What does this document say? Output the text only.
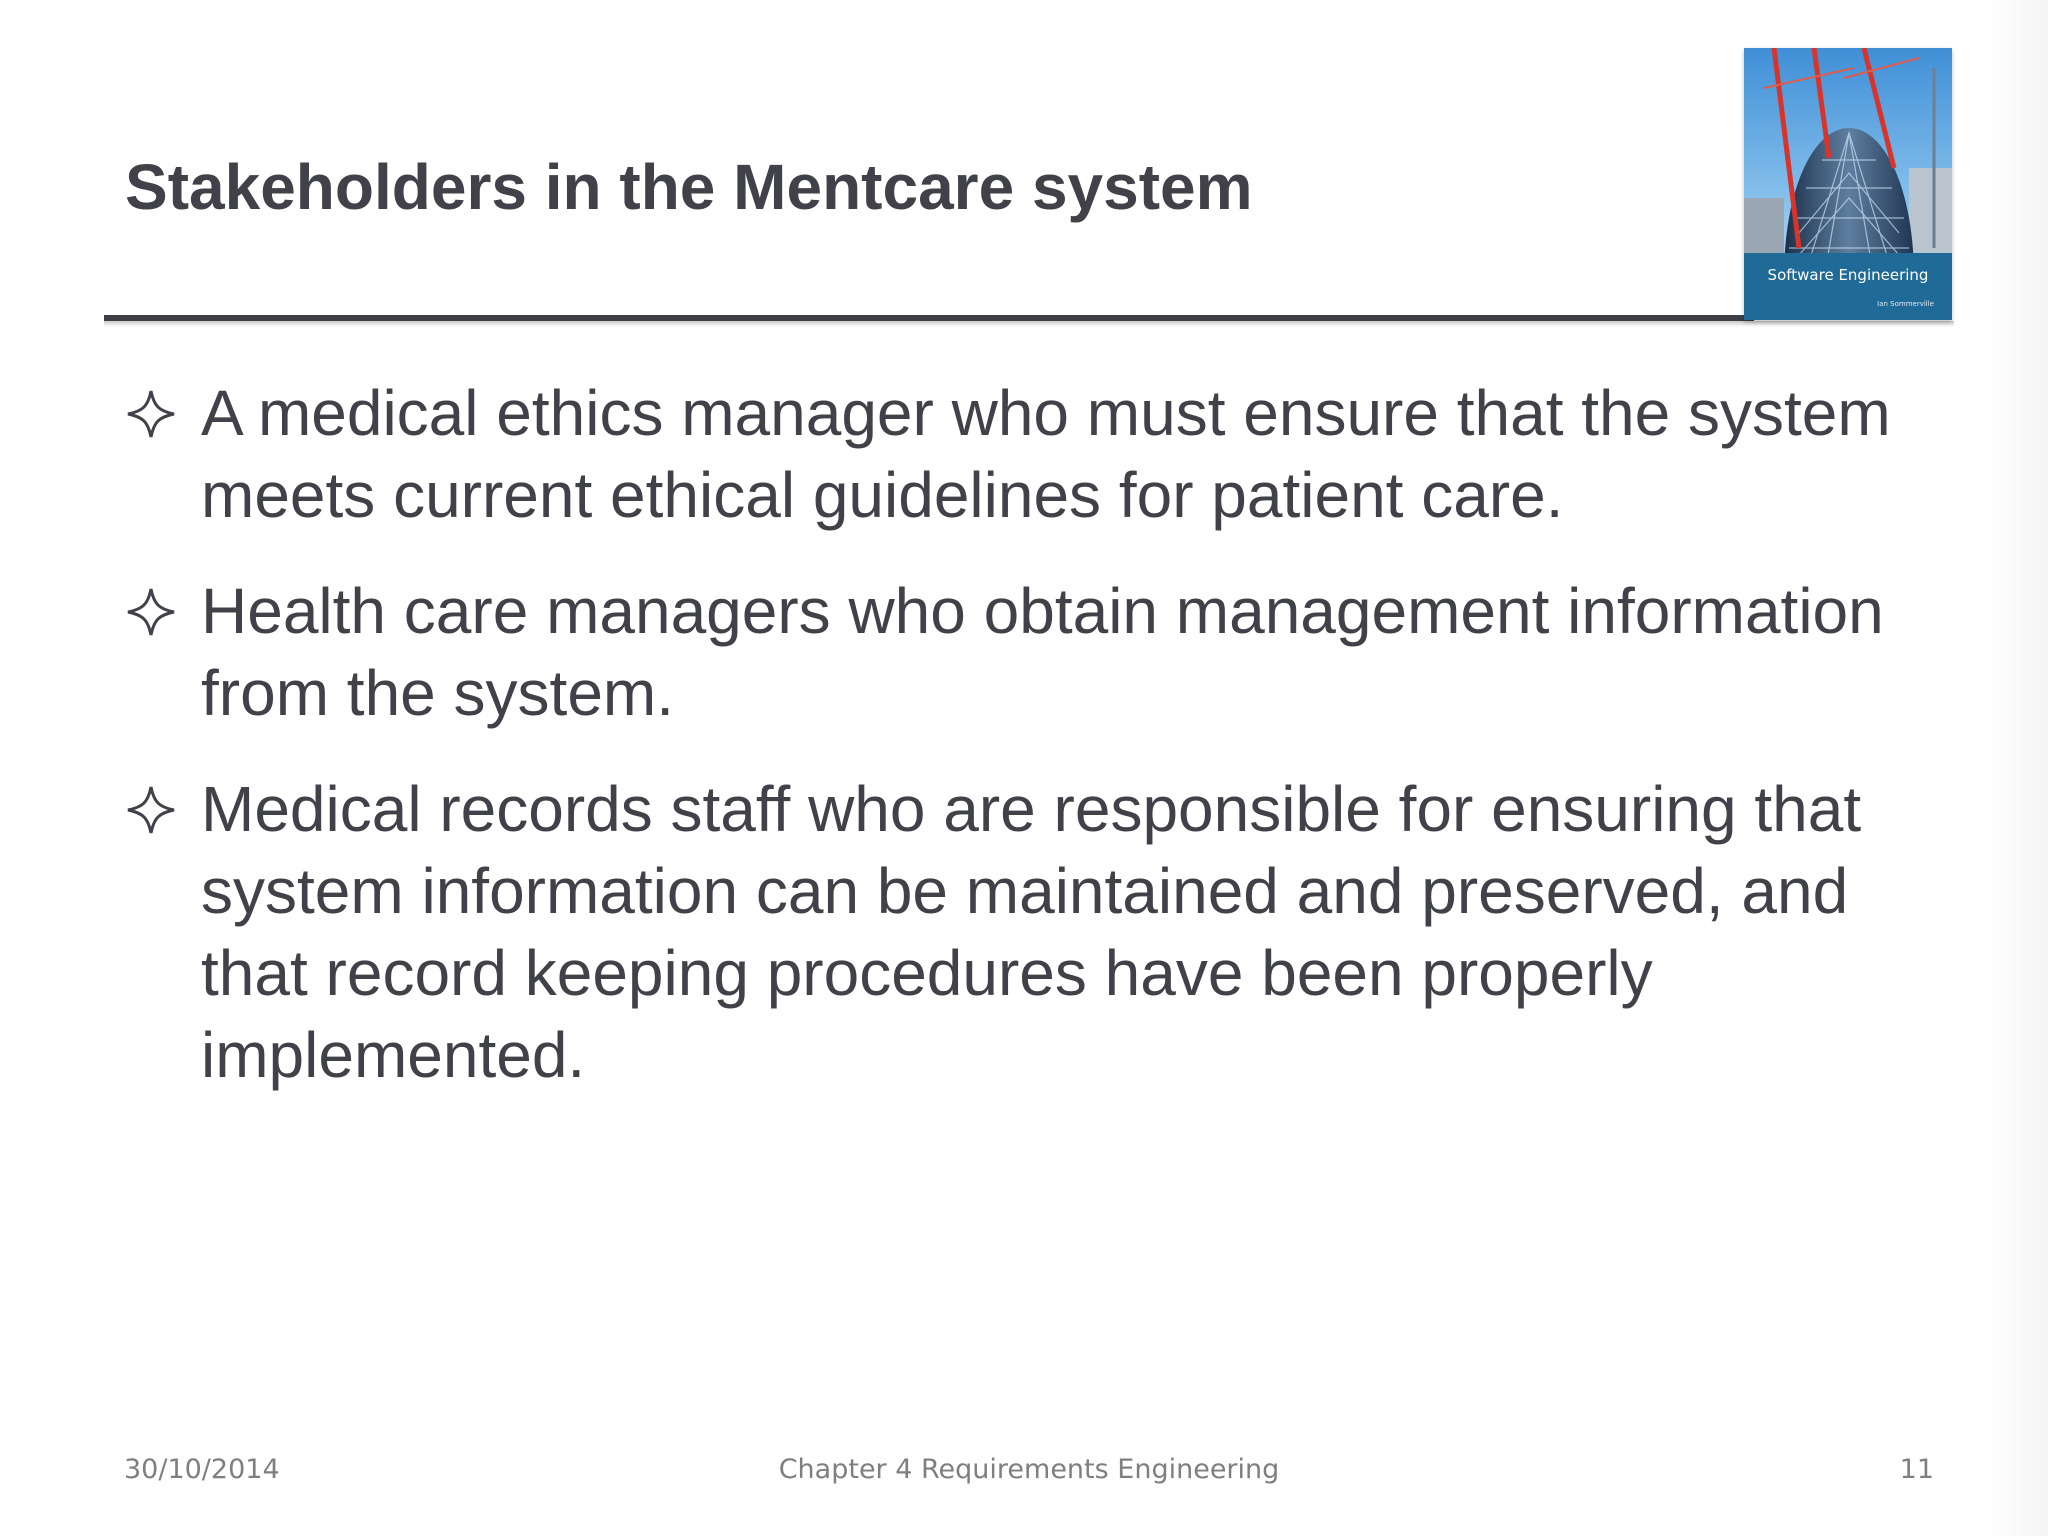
Stakeholders in the Mentcare system
Software Engineering
Ian Sommerville
A medical ethics manager who must ensure that the system meets current ethical guidelines for patient care.
Health care managers who obtain management information from the system.
Medical records staff who are responsible for ensuring that system information can be maintained and preserved, and that record keeping procedures have been properly implemented.
30/10/2014	Chapter 4 Requirements Engineering	11
